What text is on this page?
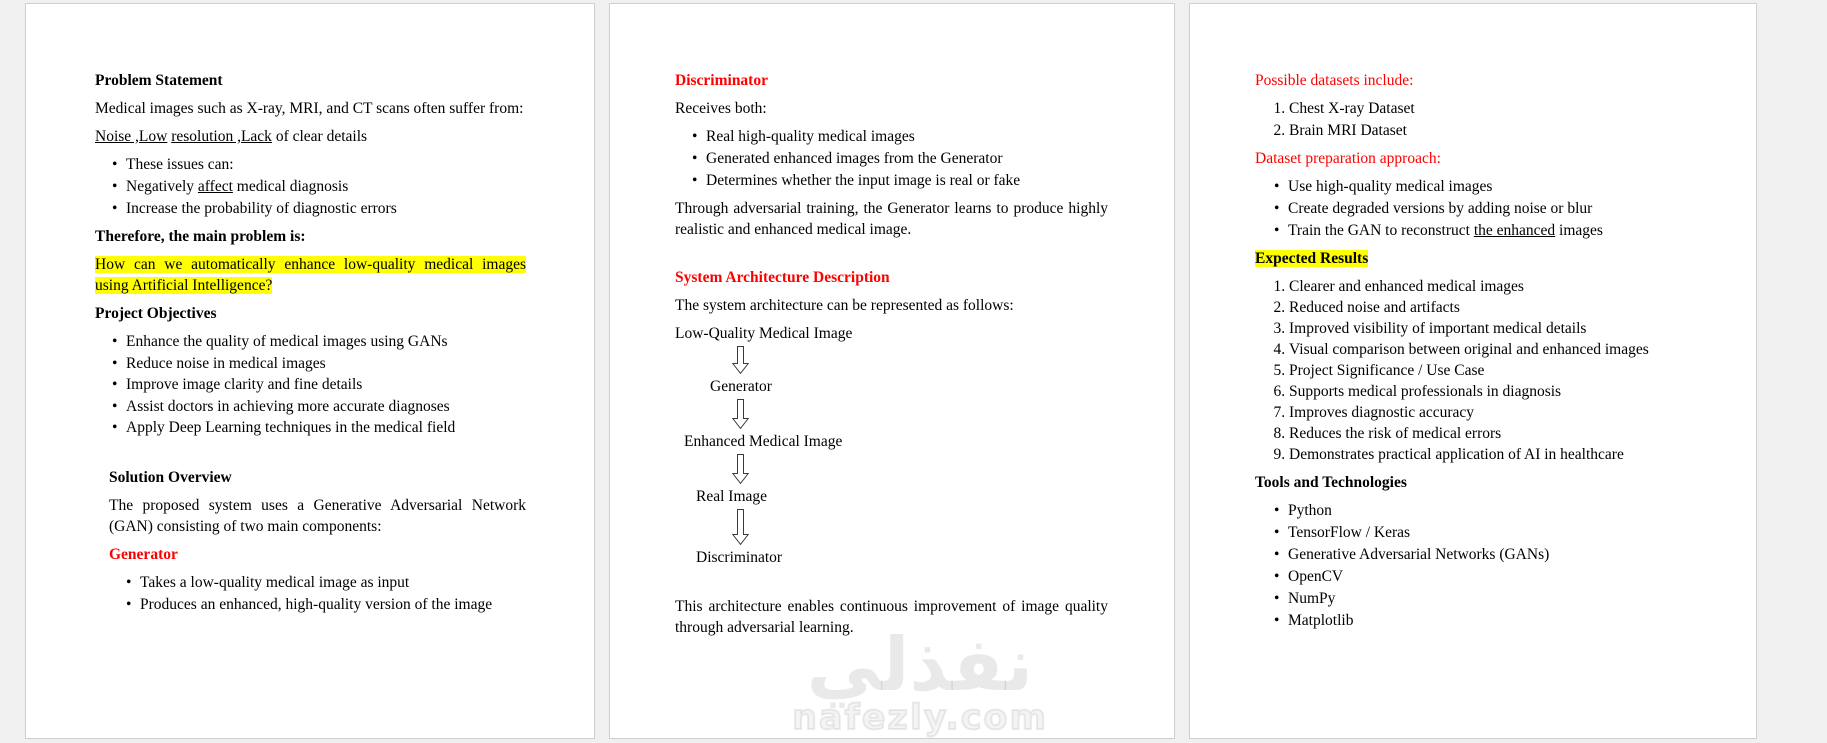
Problem Statement

Medical images such as X-ray, MRI, and CT scans often suffer from:

Noise ,Low resolution ,Lack of clear details

• These issues can:
• Negatively affect medical diagnosis
• Increase the probability of diagnostic errors

Therefore, the main problem is:

How can we automatically enhance low-quality medical images using Artificial Intelligence?

Project Objectives

• Enhance the quality of medical images using GANs
• Reduce noise in medical images
• Improve image clarity and fine details
• Assist doctors in achieving more accurate diagnoses
• Apply Deep Learning techniques in the medical field

Solution Overview

The proposed system uses a Generative Adversarial Network (GAN) consisting of two main components:

Generator

• Takes a low-quality medical image as input
• Produces an enhanced, high-quality version of the image

Discriminator

Receives both:

• Real high-quality medical images
• Generated enhanced images from the Generator
• Determines whether the input image is real or fake

Through adversarial training, the Generator learns to produce highly realistic and enhanced medical image.

System Architecture Description

The system architecture can be represented as follows:

Low-Quality Medical Image
Generator
Enhanced Medical Image
Real Image
Discriminator

This architecture enables continuous improvement of image quality through adversarial learning.

نفذلي
nafezly.com

Possible datasets include:

1. Chest X-ray Dataset
2. Brain MRI Dataset

Dataset preparation approach:

• Use high-quality medical images
• Create degraded versions by adding noise or blur
• Train the GAN to reconstruct the enhanced images

Expected Results

1. Clearer and enhanced medical images
2. Reduced noise and artifacts
3. Improved visibility of important medical details
4. Visual comparison between original and enhanced images
5. Project Significance / Use Case
6. Supports medical professionals in diagnosis
7. Improves diagnostic accuracy
8. Reduces the risk of medical errors
9. Demonstrates practical application of AI in healthcare

Tools and Technologies

• Python
• TensorFlow / Keras
• Generative Adversarial Networks (GANs)
• OpenCV
• NumPy
• Matplotlib
